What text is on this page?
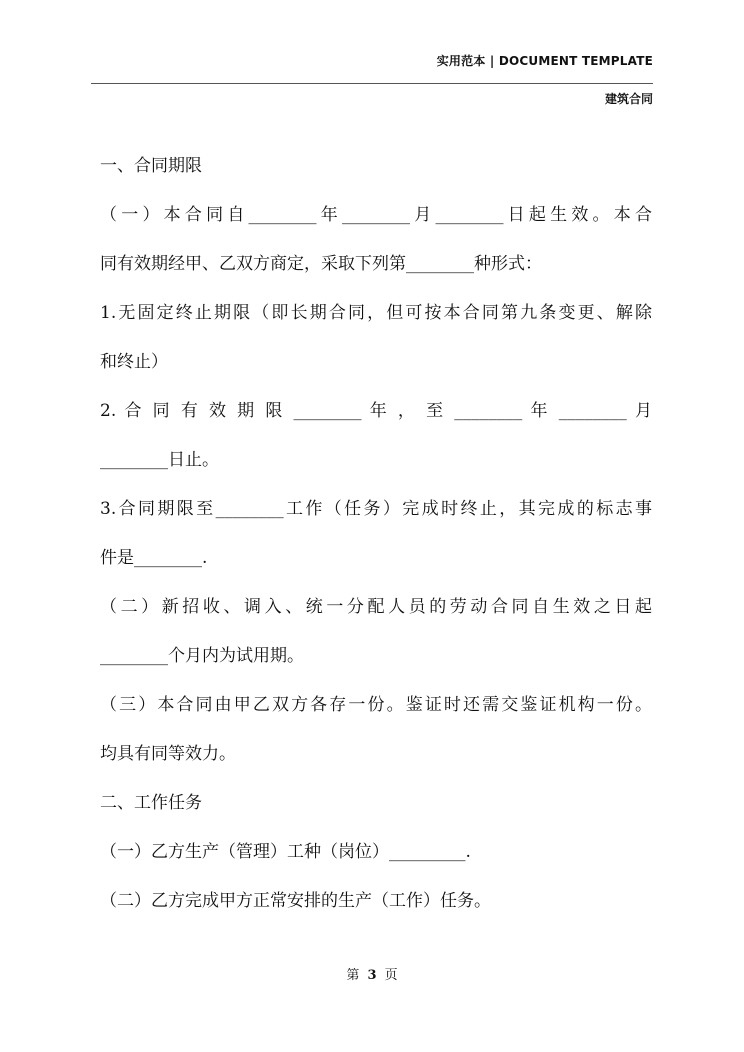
实用范本 | DOCUMENT TEMPLATE
建筑合同
一、合同期限
（一）本合同自________年________月________日起生效。本合
同有效期经甲、乙双方商定，采取下列第________种形式：
1.无固定终止期限（即长期合同，但可按本合同第九条变更、解除
和终止）
2. 合 同 有 效 期 限 ________ 年 ， 至 ________ 年 ________ 月
________日止。
3.合同期限至________工作（任务）完成时终止，其完成的标志事
件是________.
（二）新招收、调入、统一分配人员的劳动合同自生效之日起
________个月内为试用期。
（三）本合同由甲乙双方各存一份。鉴证时还需交鉴证机构一份。
均具有同等效力。
二、工作任务
（一）乙方生产（管理）工种（岗位）_________.
（二）乙方完成甲方正常安排的生产（工作）任务。
第 3 页
